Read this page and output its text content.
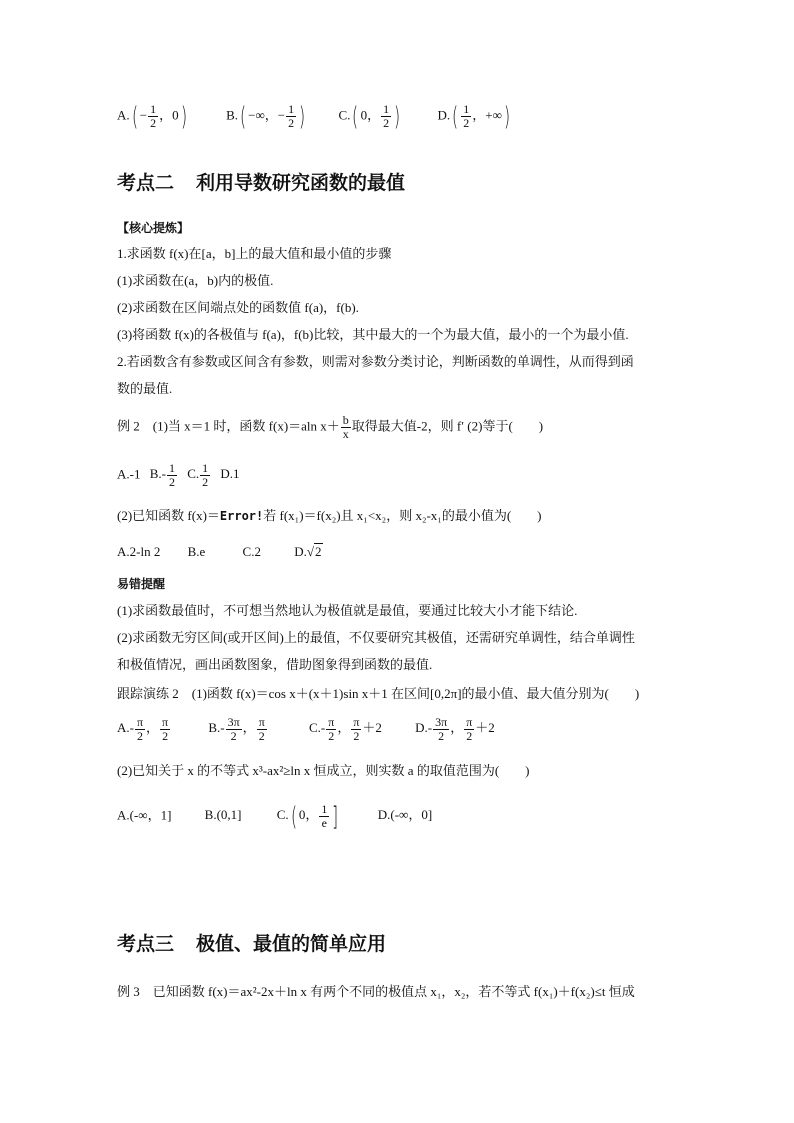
$A.( - \frac{1}{2}$ ，0)	B.( −∞，− $\frac{1}{2}$ )	C.( 0， $\frac{1}{2}$ )	$D.( \frac{1}{2}$ ，+∞)
考点二 利用导数研究函数的最值
【核心提炼】
1.求函数 f(x)在[a，b]上的最大值和最小值的步骤
(1)求函数在(a，b)内的极值.
(2)求函数在区间端点处的函数值 f(a)，f(b).
(3)将函数 f(x)的各极值与 f(a)，f(b)比较，其中最大的一个为最大值，最小的一个为最小值.
2.若函数含有参数或区间含有参数，则需对参数分类讨论，判断函数的单调性，从而得到函
数的最值.
例 2　(1)当 x＝1 时，函数 f(x)＝aln $x+ \frac{b}{x}$ 取得最大值-2，则 f′ (2)等于(　　)
A.-1 $B.- \frac{1}{2} C$. $\frac{1}{2} D.1$
(2)已知函数 f(x)＝Error!若 f(x₁)＝f(x₂)且 x₁<x₂，则 x₂-x₁的最小值为(　　)
A.2-ln 2 B.e	C.2	D.√2
易错提醒
(1)求函数最值时，不可想当然地认为极值就是最值，要通过比较大小才能下结论.
(2)求函数无穷区间(或开区间)上的最值，不仅要研究其极值，还需研究单调性，结合单调性
和极值情况，画出函数图象，借助图象得到函数的最值.
跟踪演练 2　(1)函数 f(x)＝cos x＋(x＋1)sin x＋1 在区间[0,2π]的最小值、最大值分别为(　　)
$A.- \frac{\pi}{2}$ ， $\frac{\pi}{2}$	$B.- \frac{3\pi}{2}$ ， $\frac{\pi}{2}$	$C.- \frac{\pi}{2}$ ， $\frac{\pi}{2} +2$	$D.- \frac{3\pi}{2}$ ， $\frac{\pi}{2} +2$
(2)已知关于 x 的不等式 x³-ax²≥ln x 恒成立，则实数 a 的取值范围为(　　)
A.(-∞，1]	B.(0,1]	C.( 0， $\frac{1}{e}$ ]	D.(-∞，0]
考点三 极值、最值的简单应用
例 3　已知函数 f(x)＝ax²-2x＋ln x 有两个不同的极值点 x₁，x₂，若不等式 f(x₁)＋f(x₂)≤t 恒成
